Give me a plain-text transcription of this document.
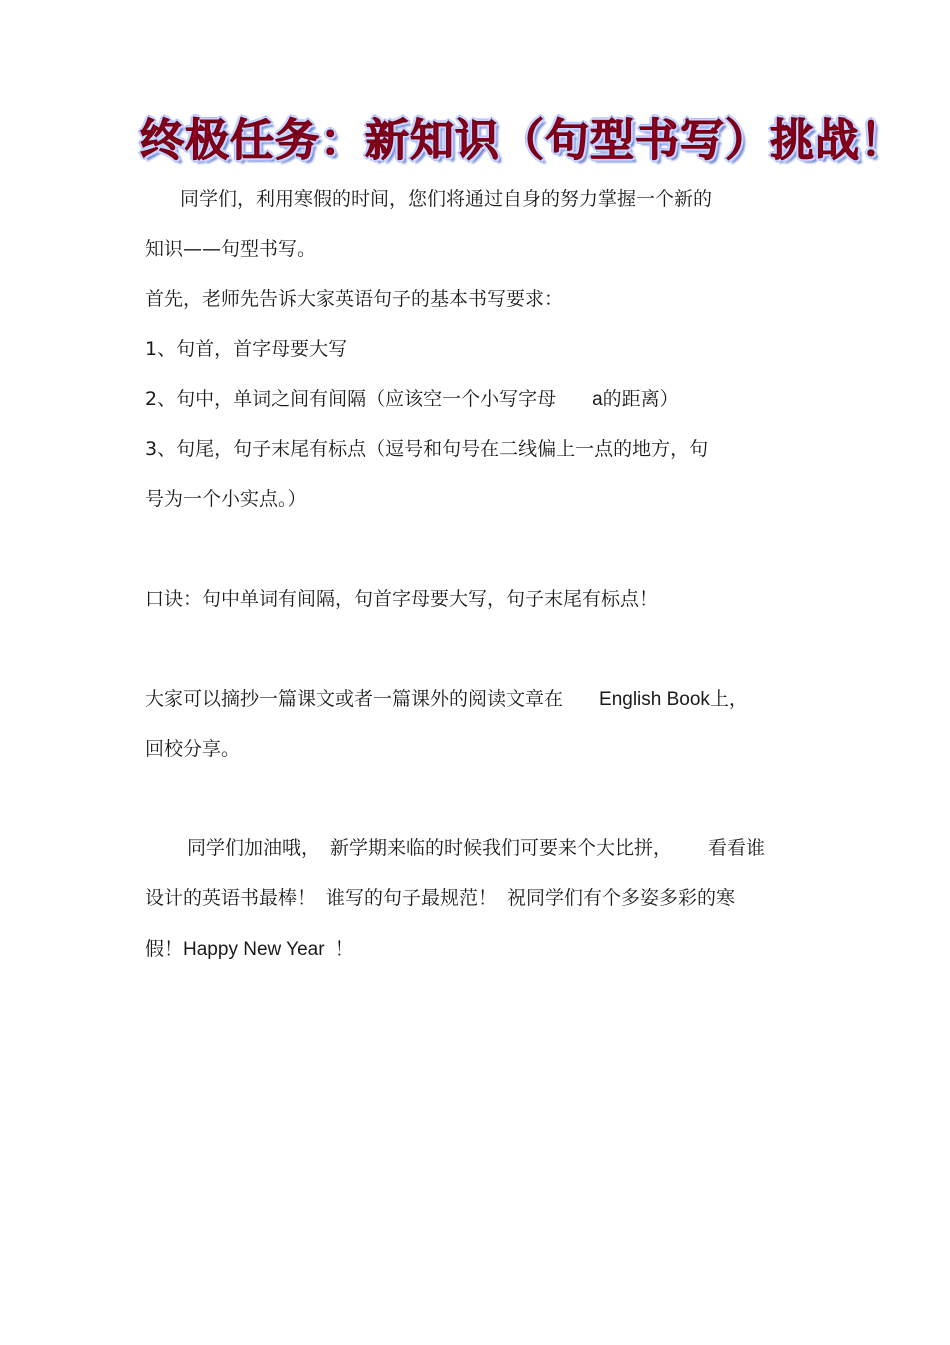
终极任务：新知识（句型书写）挑战！
同学们，利用寒假的时间，您们将通过自身的努力掌握一个新的
知识——句型书写。
首先，老师先告诉大家英语句子的基本书写要求：
1、句首，首字母要大写
2、句中，单词之间有间隔（应该空一个小写字母 a的距离）
3、句尾，句子末尾有标点（逗号和句号在二线偏上一点的地方，句
号为一个小实点。）
口诀：句中单词有间隔，句首字母要大写，句子末尾有标点！
大家可以摘抄一篇课文或者一篇课外的阅读文章在 English Book上，
回校分享。
同学们加油哦， 新学期来临的时候我们可要来个大比拼， 看看谁
设计的英语书最棒！ 谁写的句子最规范！ 祝同学们有个多姿多彩的寒
假！Happy New Year ！
